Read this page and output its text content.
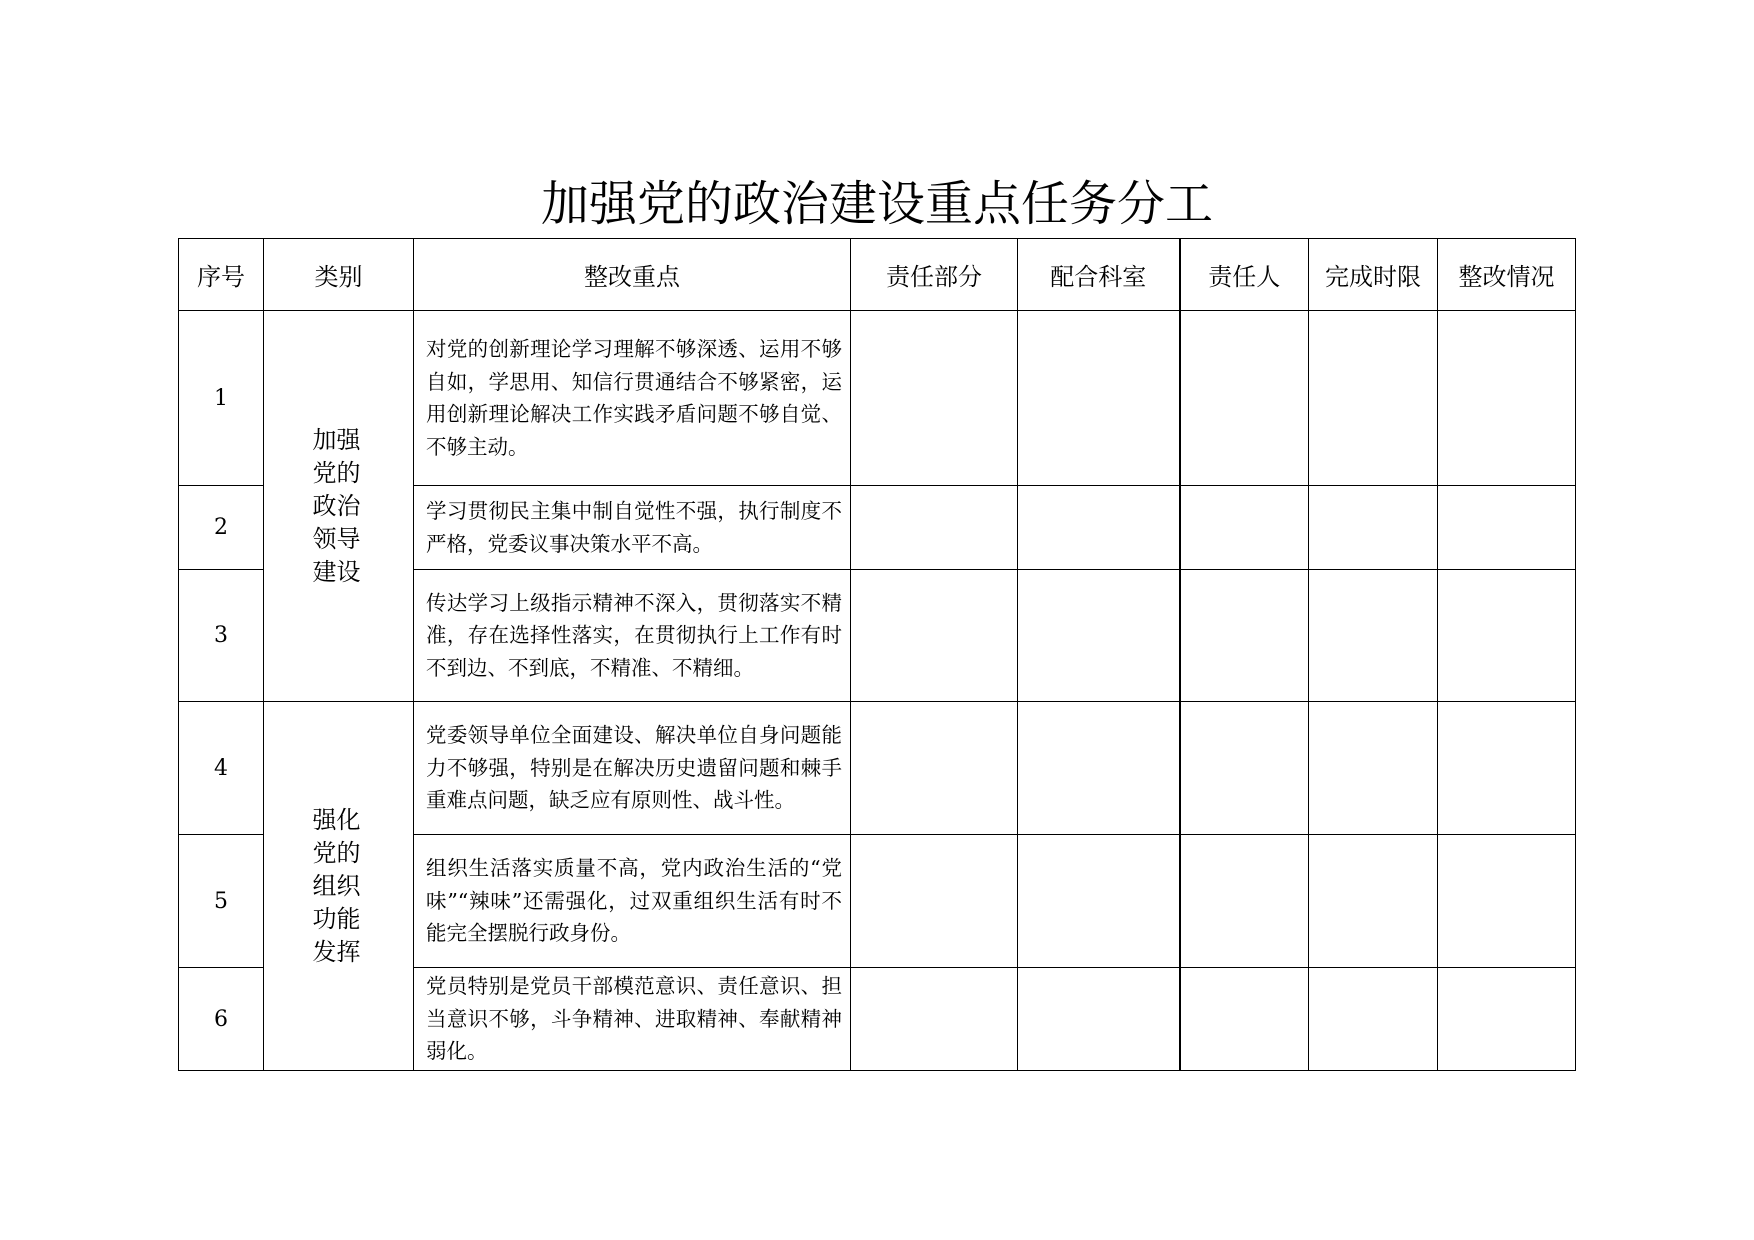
加强党的政治建设重点任务分工
序号	类别	整改重点	责任部分	配合科室	责任人	完成时限	整改情况
1	加强党的政治领导建设	对党的创新理论学习理解不够深透、运用不够自如，学思用、知信行贯通结合不够紧密，运用创新理论解决工作实践矛盾问题不够自觉、不够主动。					
2		学习贯彻民主集中制自觉性不强，执行制度不严格，党委议事决策水平不高。					
3		传达学习上级指示精神不深入，贯彻落实不精准，存在选择性落实，在贯彻执行上工作有时不到边、不到底，不精准、不精细。					
4	强化党的组织功能发挥	党委领导单位全面建设、解决单位自身问题能力不够强，特别是在解决历史遗留问题和棘手重难点问题，缺乏应有原则性、战斗性。					
5		组织生活落实质量不高，党内政治生活的“党味”“辣味”还需强化，过双重组织生活有时不能完全摆脱行政身份。					
6		党员特别是党员干部模范意识、责任意识、担当意识不够，斗争精神、进取精神、奉献精神弱化。					
